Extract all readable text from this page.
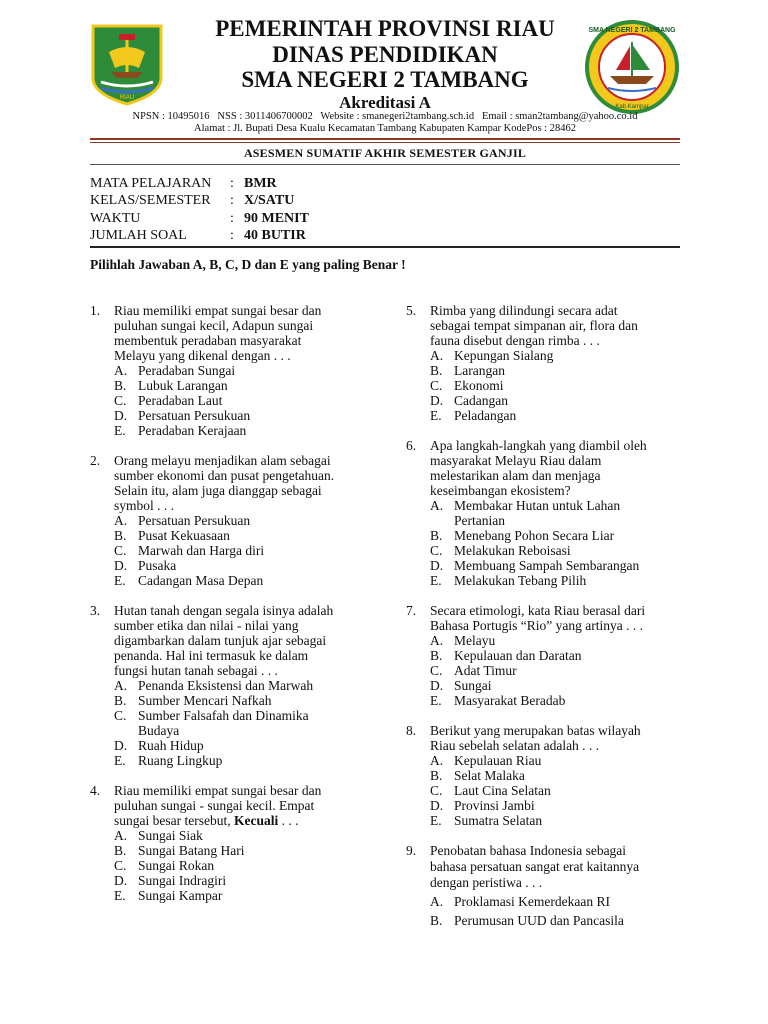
RIAU
SMA NEGERI 2 TAMBANG
Kab.Kampar
PEMERINTAH PROVINSI RIAU
DINAS PENDIDIKAN
SMA NEGERI 2 TAMBANG
Akreditasi A
NPSN : 10495016   NSS : 3011406700002   Website : smanegeri2tambang.sch.id   Email : sman2tambang@yahoo.co.id
Alamat : Jl. Bupati Desa Kualu Kecamatan Tambang Kabupaten Kampar KodePos : 28462
ASESMEN SUMATIF AKHIR SEMESTER GANJIL
MATA PELAJARAN : BMR
KELAS/SEMESTER : X/SATU
WAKTU	: 90 MENIT
JUMLAH SOAL	: 40 BUTIR
Pilihlah Jawaban A, B, C, D dan E yang paling Benar !
1. Riau memiliki empat sungai besar dan
puluhan sungai kecil, Adapun sungai
membentuk peradaban masyarakat
Melayu yang dikenal dengan . . .
A. Peradaban Sungai
B. Lubuk Larangan
C. Peradaban Laut
D. Persatuan Persukuan
E. Peradaban Kerajaan
2. Orang melayu menjadikan alam sebagai
sumber ekonomi dan pusat pengetahuan.
Selain itu, alam juga dianggap sebagai
symbol . . .
A. Persatuan Persukuan
B. Pusat Kekuasaan
C. Marwah dan Harga diri
D. Pusaka
E. Cadangan Masa Depan
3. Hutan tanah dengan segala isinya adalah
sumber etika dan nilai - nilai yang
digambarkan dalam tunjuk ajar sebagai
penanda. Hal ini termasuk ke dalam
fungsi hutan tanah sebagai . . .
A. Penanda Eksistensi dan Marwah
B. Sumber Mencari Nafkah
C. Sumber Falsafah dan Dinamika
Budaya
D. Ruah Hidup
E. Ruang Lingkup
4. Riau memiliki empat sungai besar dan
puluhan sungai - sungai kecil. Empat
sungai besar tersebut, Kecuali . . .
A. Sungai Siak
B. Sungai Batang Hari
C. Sungai Rokan
D. Sungai Indragiri
E. Sungai Kampar
5. Rimba yang dilindungi secara adat
sebagai tempat simpanan air, flora dan
fauna disebut dengan rimba . . .
A. Kepungan Sialang
B. Larangan
C. Ekonomi
D. Cadangan
E. Peladangan
6. Apa langkah-langkah yang diambil oleh
masyarakat Melayu Riau dalam
melestarikan alam dan menjaga
keseimbangan ekosistem?
A. Membakar Hutan untuk Lahan
Pertanian
B. Menebang Pohon Secara Liar
C. Melakukan Reboisasi
D. Membuang Sampah Sembarangan
E. Melakukan Tebang Pilih
7. Secara etimologi, kata Riau berasal dari
Bahasa Portugis “Rio” yang artinya . . .
A. Melayu
B. Kepulauan dan Daratan
C. Adat Timur
D. Sungai
E. Masyarakat Beradab
8. Berikut yang merupakan batas wilayah
Riau sebelah selatan adalah . . .
A. Kepulauan Riau
B. Selat Malaka
C. Laut Cina Selatan
D. Provinsi Jambi
E. Sumatra Selatan
9. Penobatan bahasa Indonesia sebagai
bahasa persatuan sangat erat kaitannya
dengan peristiwa . . .
A. Proklamasi Kemerdekaan RI
B. Perumusan UUD dan Pancasila
